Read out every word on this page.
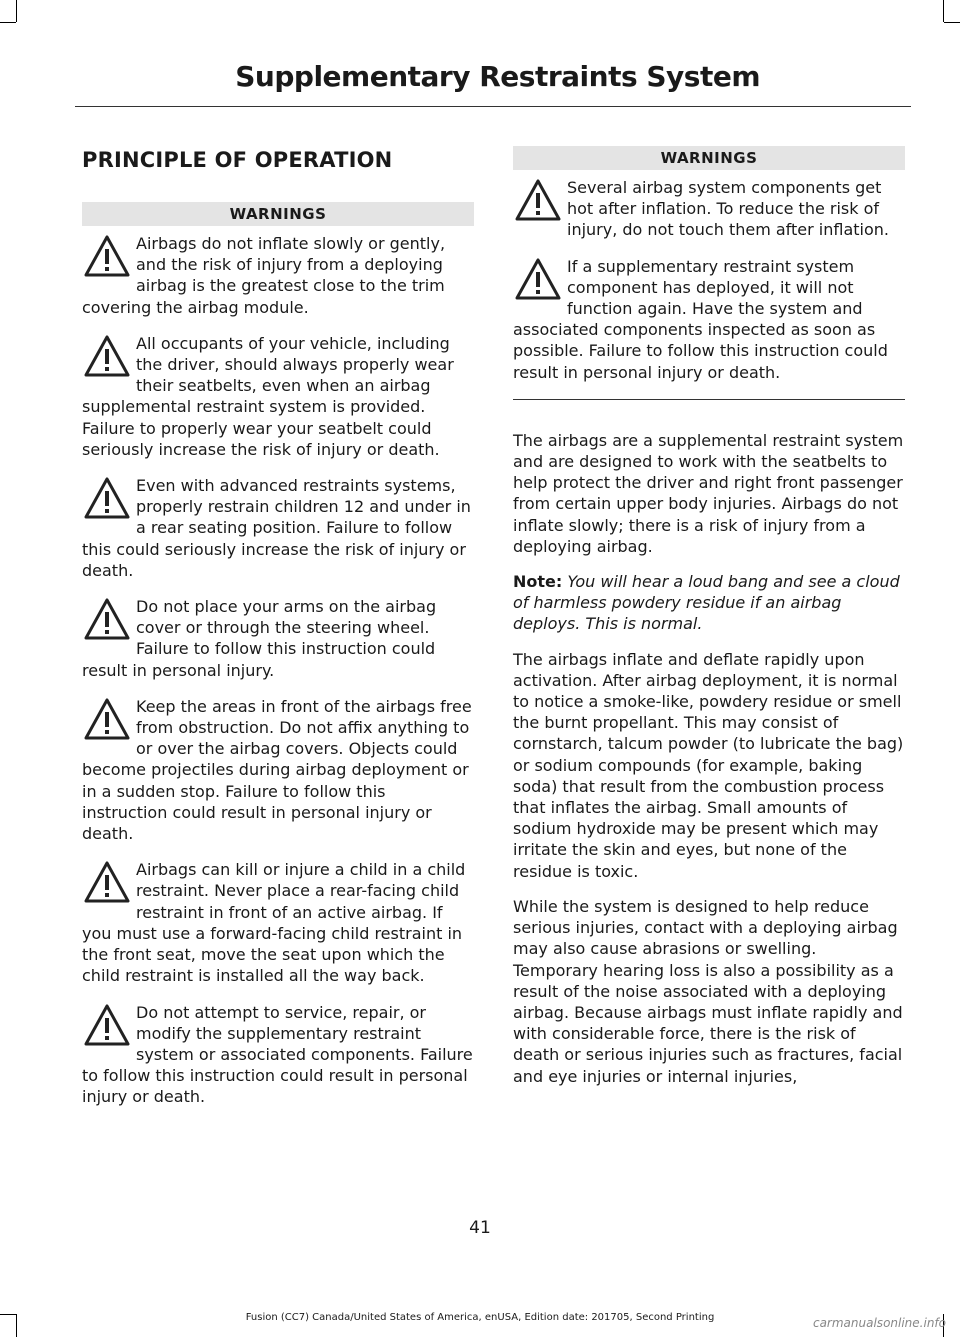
Supplementary Restraints System
PRINCIPLE OF OPERATION
WARNINGS
Airbags do not inflate slowly or gently, and the risk of injury from a deploying airbag is the greatest close to the trim covering the airbag module.
All occupants of your vehicle, including the driver, should always properly wear their seatbelts, even when an airbag supplemental restraint system is provided. Failure to properly wear your seatbelt could seriously increase the risk of injury or death.
Even with advanced restraints systems, properly restrain children 12 and under in a rear seating position. Failure to follow this could seriously increase the risk of injury or death.
Do not place your arms on the airbag cover or through the steering wheel. Failure to follow this instruction could result in personal injury.
Keep the areas in front of the airbags free from obstruction. Do not affix anything to or over the airbag covers. Objects could become projectiles during airbag deployment or in a sudden stop. Failure to follow this instruction could result in personal injury or death.
Airbags can kill or injure a child in a child restraint. Never place a rear-facing child restraint in front of an active airbag. If you must use a forward-facing child restraint in the front seat, move the seat upon which the child restraint is installed all the way back.
Do not attempt to service, repair, or modify the supplementary restraint system or associated components. Failure to follow this instruction could result in personal injury or death.
WARNINGS
Several airbag system components get hot after inflation. To reduce the risk of injury, do not touch them after inflation.
If a supplementary restraint system component has deployed, it will not function again. Have the system and associated components inspected as soon as possible. Failure to follow this instruction could result in personal injury or death.

The airbags are a supplemental restraint system and are designed to work with the seatbelts to help protect the driver and right front passenger from certain upper body injuries. Airbags do not inflate slowly; there is a risk of injury from a deploying airbag.

Note: You will hear a loud bang and see a cloud of harmless powdery residue if an airbag deploys. This is normal.

The airbags inflate and deflate rapidly upon activation. After airbag deployment, it is normal to notice a smoke-like, powdery residue or smell the burnt propellant. This may consist of cornstarch, talcum powder (to lubricate the bag) or sodium compounds (for example, baking soda) that result from the combustion process that inflates the airbag. Small amounts of sodium hydroxide may be present which may irritate the skin and eyes, but none of the residue is toxic.

While the system is designed to help reduce serious injuries, contact with a deploying airbag may also cause abrasions or swelling. Temporary hearing loss is also a possibility as a result of the noise associated with a deploying airbag. Because airbags must inflate rapidly and with considerable force, there is the risk of death or serious injuries such as fractures, facial and eye injuries or internal injuries,

41
Fusion (CC7) Canada/United States of America, enUSA, Edition date: 201705, Second Printing	carmanualsonline.info
